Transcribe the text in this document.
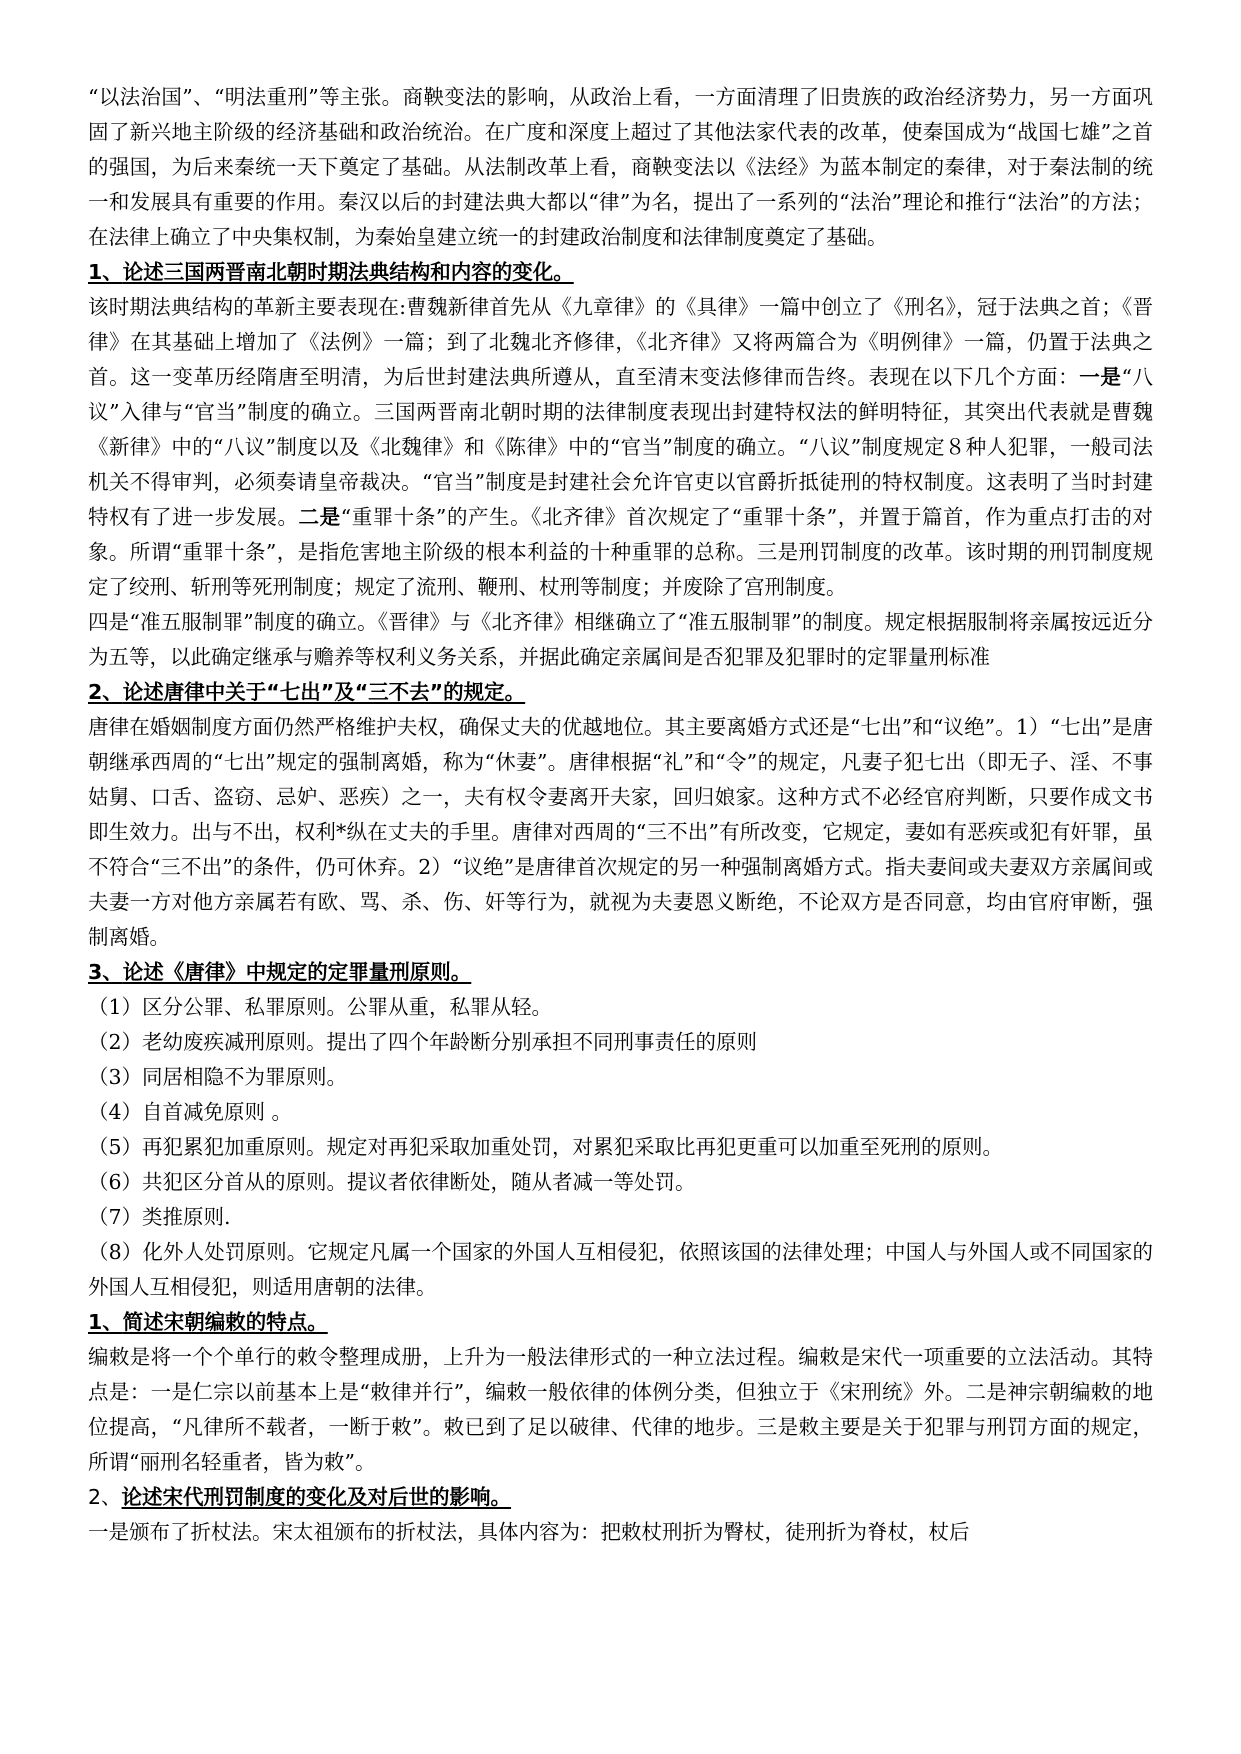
“以法治国”、“明法重刑”等主张。商鞅变法的影响，从政治上看，一方面清理了旧贵族的政治经济势力，另一方面巩固了新兴地主阶级的经济基础和政治统治。在广度和深度上超过了其他法家代表的改革，使秦国成为“战国七雄”之首的强国，为后来秦统一天下奠定了基础。从法制改革上看，商鞅变法以《法经》为蓝本制定的秦律，对于秦法制的统一和发展具有重要的作用。秦汉以后的封建法典大都以“律”为名，提出了一系列的“法治”理论和推行“法治”的方法；在法律上确立了中央集权制，为秦始皇建立统一的封建政治制度和法律制度奠定了基础。

1、论述三国两晋南北朝时期法典结构和内容的变化。

该时期法典结构的革新主要表现在:曹魏新律首先从《九章律》的《具律》一篇中创立了《刑名》，冠于法典之首；《晋律》在其基础上增加了《法例》一篇；到了北魏北齐修律，《北齐律》又将两篇合为《明例律》一篇，仍置于法典之首。这一变革历经隋唐至明清，为后世封建法典所遵从，直至清末变法修律而告终。表现在以下几个方面：一是“八议”入律与“官当”制度的确立。三国两晋南北朝时期的法律制度表现出封建特权法的鲜明特征，其突出代表就是曹魏《新律》中的“八议”制度以及《北魏律》和《陈律》中的“官当”制度的确立。“八议”制度规定８种人犯罪，一般司法机关不得审判，必须奏请皇帝裁决。“官当”制度是封建社会允许官吏以官爵折抵徒刑的特权制度。这表明了当时封建特权有了进一步发展。二是“重罪十条”的产生。《北齐律》首次规定了“重罪十条”，并置于篇首，作为重点打击的对象。所谓“重罪十条”，是指危害地主阶级的根本利益的十种重罪的总称。三是刑罚制度的改革。该时期的刑罚制度规定了绞刑、斩刑等死刑制度；规定了流刑、鞭刑、杖刑等制度；并废除了宫刑制度。

四是“准五服制罪”制度的确立。《晋律》与《北齐律》相继确立了“准五服制罪”的制度。规定根据服制将亲属按远近分为五等，以此确定继承与赡养等权利义务关系，并据此确定亲属间是否犯罪及犯罪时的定罪量刑标准

2、论述唐律中关于“七出”及“三不去”的规定。

唐律在婚姻制度方面仍然严格维护夫权，确保丈夫的优越地位。其主要离婚方式还是“七出”和“议绝”。1）“七出”是唐朝继承西周的“七出”规定的强制离婚，称为“休妻”。唐律根据“礼”和“令”的规定，凡妻子犯七出（即无子、淫、不事姑舅、口舌、盗窃、忌妒、恶疾）之一，夫有权令妻离开夫家，回归娘家。这种方式不必经官府判断，只要作成文书即生效力。出与不出，权利*纵在丈夫的手里。唐律对西周的“三不出”有所改变，它规定，妻如有恶疾或犯有奸罪，虽不符合“三不出”的条件，仍可休弃。2）“议绝”是唐律首次规定的另一种强制离婚方式。指夫妻间或夫妻双方亲属间或夫妻一方对他方亲属若有欧、骂、杀、伤、奸等行为，就视为夫妻恩义断绝，不论双方是否同意，均由官府审断，强制离婚。

3、论述《唐律》中规定的定罪量刑原则。

（1）区分公罪、私罪原则。公罪从重，私罪从轻。

（2）老幼废疾减刑原则。提出了四个年龄断分别承担不同刑事责任的原则

（3）同居相隐不为罪原则。

（4）自首减免原则 。

（5）再犯累犯加重原则。规定对再犯采取加重处罚，对累犯采取比再犯更重可以加重至死刑的原则。

（6）共犯区分首从的原则。提议者依律断处，随从者减一等处罚。

（7）类推原则.

（8）化外人处罚原则。它规定凡属一个国家的外国人互相侵犯，依照该国的法律处理；中国人与外国人或不同国家的外国人互相侵犯，则适用唐朝的法律。

1、简述宋朝编敕的特点。

编敕是将一个个单行的敕令整理成册，上升为一般法律形式的一种立法过程。编敕是宋代一项重要的立法活动。其特点是：一是仁宗以前基本上是“敕律并行”，编敕一般依律的体例分类，但独立于《宋刑统》外。二是神宗朝编敕的地位提高，“凡律所不载者，一断于敕”。敕已到了足以破律、代律的地步。三是敕主要是关于犯罪与刑罚方面的规定，所谓“丽刑名轻重者，皆为敕”。

2、论述宋代刑罚制度的变化及对后世的影响。

一是颁布了折杖法。宋太祖颁布的折杖法，具体内容为：把敕杖刑折为臀杖，徒刑折为脊杖，杖后
